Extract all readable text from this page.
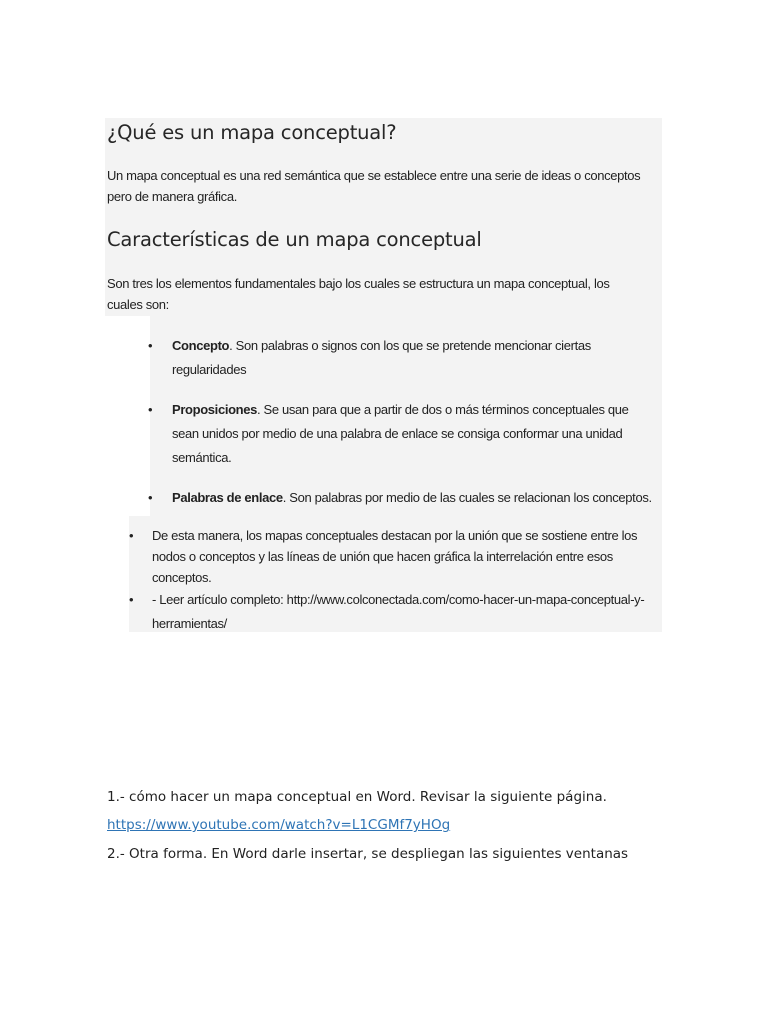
¿Qué es un mapa conceptual?

Un mapa conceptual es una red semántica que se establece entre una serie de ideas o conceptos pero de manera gráfica.

Características de un mapa conceptual

Son tres los elementos fundamentales bajo los cuales se estructura un mapa conceptual, los cuales son:

• Concepto. Son palabras o signos con los que se pretende mencionar ciertas regularidades
• Proposiciones. Se usan para que a partir de dos o más términos conceptuales que sean unidos por medio de una palabra de enlace se consiga conformar una unidad semántica.
• Palabras de enlace. Son palabras por medio de las cuales se relacionan los conceptos.
• De esta manera, los mapas conceptuales destacan por la unión que se sostiene entre los nodos o conceptos y las líneas de unión que hacen gráfica la interrelación entre esos conceptos.
• - Leer artículo completo: http://www.colconectada.com/como-hacer-un-mapa-conceptual-y-herramientas/

1.- cómo hacer un mapa conceptual en Word. Revisar la siguiente página.

https://www.youtube.com/watch?v=L1CGMf7yHOg

2.- Otra forma. En Word darle insertar, se despliegan las siguientes ventanas
